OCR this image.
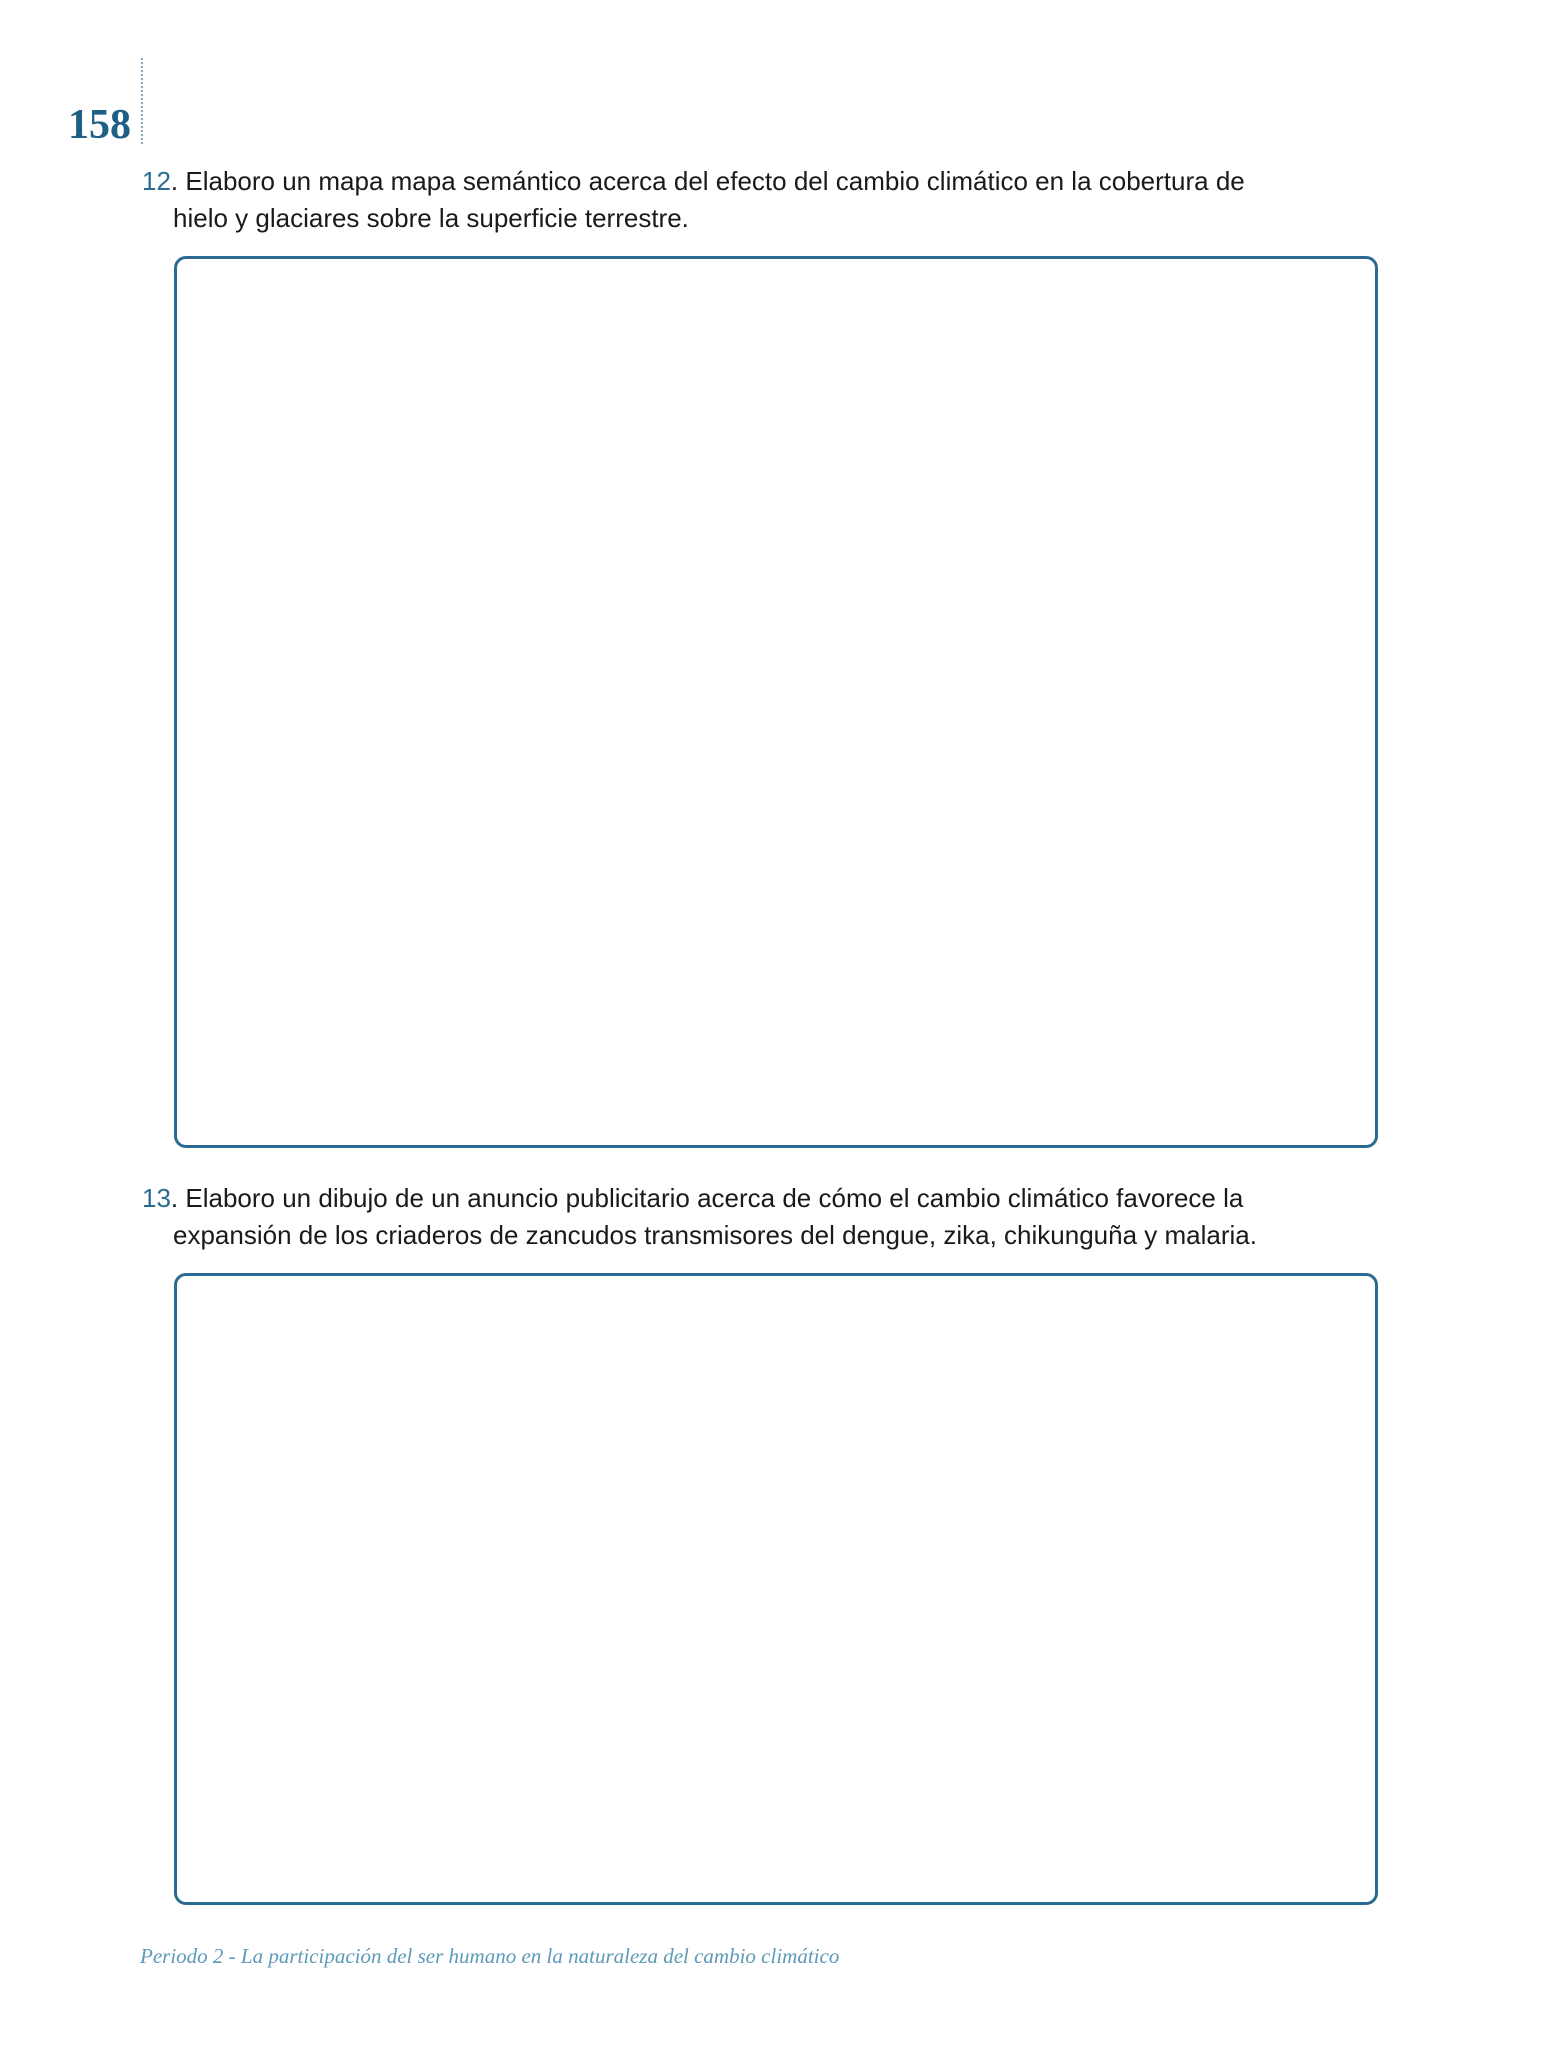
158
12. Elaboro un mapa mapa semántico acerca del efecto del cambio climático en la cobertura de
hielo y glaciares sobre la superficie terrestre.
13. Elaboro un dibujo de un anuncio publicitario acerca de cómo el cambio climático favorece la
expansión de los criaderos de zancudos transmisores del dengue, zika, chikunguña y malaria.
Periodo 2 - La participación del ser humano en la naturaleza del cambio climático
